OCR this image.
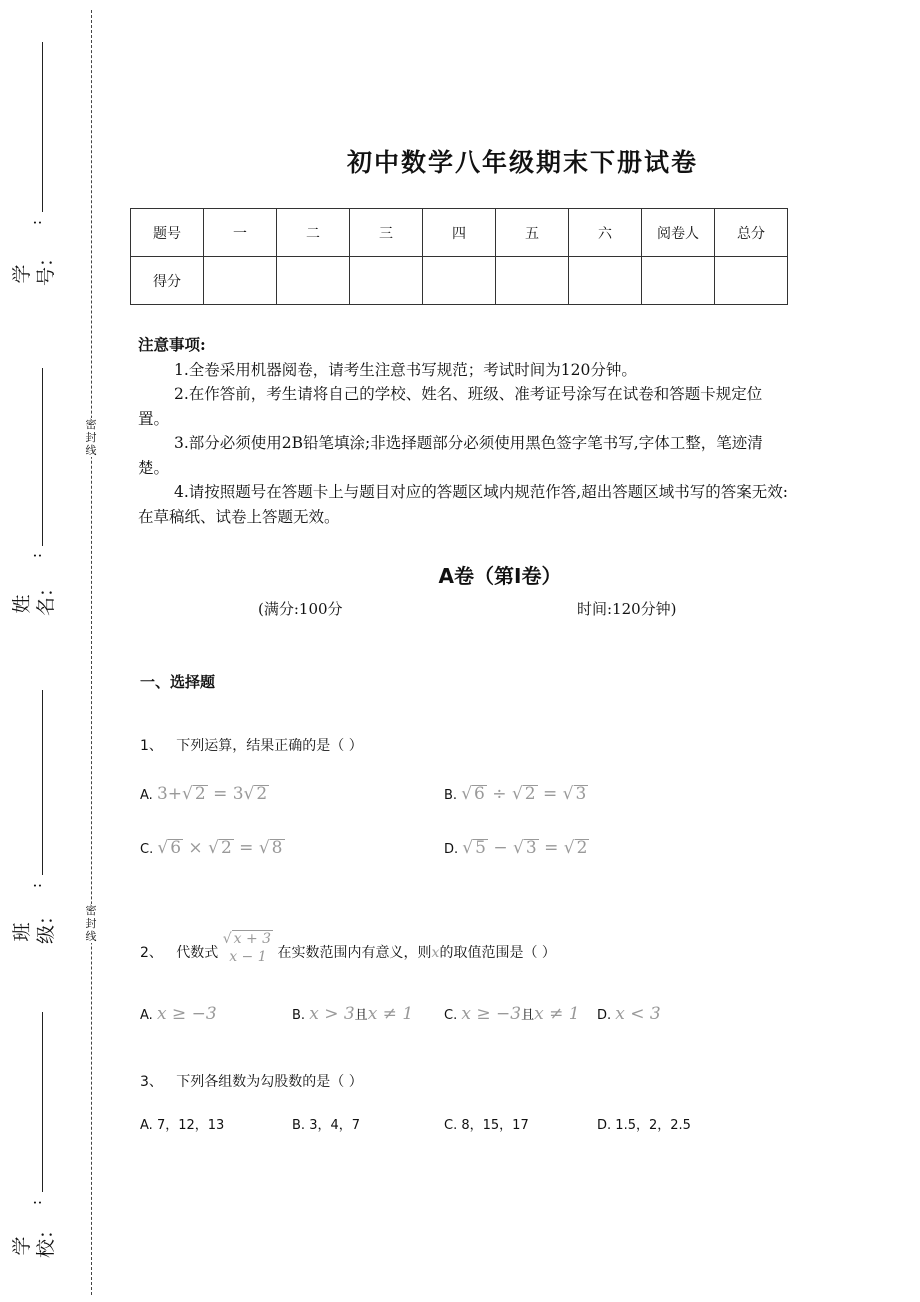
:
学号：
:
姓名：
:
班级：
:
学校：
密封线
密封线
初中数学八年级期末下册试卷
题号	一	二	三	四	五	六	阅卷人	总分
得分								
注意事项:

1.全卷采用机器阅卷，请考生注意书写规范；考试时间为120分钟。

2.在作答前，考生请将自己的学校、姓名、班级、准考证号涂写在试卷和答题卡规定位置。

3.部分必须使用2B铅笔填涂;非选择题部分必须使用黑色签字笔书写,字体工整，笔迹清楚。

4.请按照题号在答题卡上与题目对应的答题区域内规范作答,超出答题区域书写的答案无效:在草稿纸、试卷上答题无效。

A卷（第I卷）
(满分:100分	时间:120分钟)
一、选择题
1、 下列运算，结果正确的是（ ）
A. 3+√ 2 = 3√ 2	B. √ 6 ÷ √ 2 = √ 3
C. √ 6 × √ 2 = √ 8	D. √ 5 − √ 3 = √ 2
2、 代数式
√ x + 3
x − 1 在实数范围内有意义，则x的取值范围是（ ）
A. x ≥ −3	B. x > 3且x ≠ 1 C. x ≥ −3且x ≠ 1 D. x < 3
3、 下列各组数为勾股数的是（ ）
A. 7，12，13	B. 3，4，7	C. 8，15，17	D. 1.5，2，2.5
